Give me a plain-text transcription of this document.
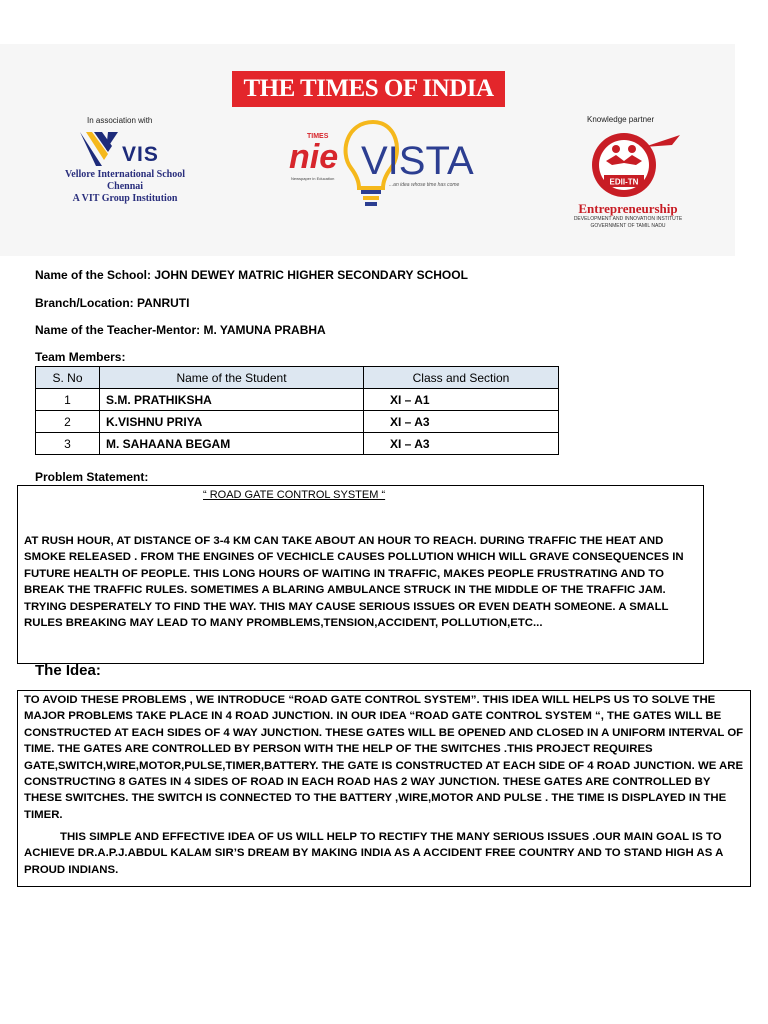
THE TIMES OF INDIA
In association with
VIS
Vellore International School
Chennai
A VIT Group Institution
TIMES
nie
Newspaper in Education VISTA
...an idea whose time has come
Knowledge partner
EDII-TN
Entrepreneurship
DEVELOPMENT AND INNOVATION INSTITUTE
GOVERNMENT OF TAMIL NADU
Name of the School: JOHN DEWEY MATRIC HIGHER SECONDARY SCHOOL
Branch/Location: PANRUTI
Name of the Teacher-Mentor: M. YAMUNA PRABHA
Team Members:
S. No	Name of the Student	Class and Section
1	S.M. PRATHIKSHA	XI – A1
2	K.VISHNU PRIYA	XI – A3
3	M. SAHAANA BEGAM	XI – A3
Problem Statement:
“ ROAD GATE CONTROL SYSTEM “

AT RUSH HOUR, AT DISTANCE OF 3-4 KM CAN TAKE ABOUT AN HOUR TO REACH. DURING TRAFFIC THE HEAT AND SMOKE RELEASED . FROM THE ENGINES OF VECHICLE CAUSES POLLUTION WHICH WILL GRAVE CONSEQUENCES IN FUTURE HEALTH OF PEOPLE. THIS LONG HOURS OF WAITING IN TRAFFIC, MAKES PEOPLE FRUSTRATING AND TO BREAK THE TRAFFIC RULES. SOMETIMES A BLARING AMBULANCE STRUCK IN THE MIDDLE OF THE TRAFFIC JAM. TRYING DESPERATELY TO FIND THE WAY. THIS MAY CAUSE SERIOUS ISSUES OR EVEN DEATH SOMEONE. A SMALL RULES BREAKING MAY LEAD TO MANY PROMBLEMS,TENSION,ACCIDENT, POLLUTION,ETC...

The Idea:

TO AVOID THESE PROBLEMS , WE INTRODUCE “ROAD GATE CONTROL SYSTEM”. THIS IDEA WILL HELPS US TO SOLVE THE MAJOR PROBLEMS TAKE PLACE IN 4 ROAD JUNCTION. IN OUR IDEA “ROAD GATE CONTROL SYSTEM “, THE GATES WILL BE CONSTRUCTED AT EACH SIDES OF 4 WAY JUNCTION. THESE GATES WILL BE OPENED AND CLOSED IN A UNIFORM INTERVAL OF TIME. THE GATES ARE CONTROLLED BY PERSON WITH THE HELP OF THE SWITCHES .THIS PROJECT REQUIRES GATE,SWITCH,WIRE,MOTOR,PULSE,TIMER,BATTERY. THE GATE IS CONSTRUCTED AT EACH SIDE OF 4 ROAD JUNCTION. WE ARE CONSTRUCTING 8 GATES IN 4 SIDES OF ROAD IN EACH ROAD HAS 2 WAY JUNCTION. THESE GATES ARE CONTROLLED BY THESE SWITCHES. THE SWITCH IS CONNECTED TO THE BATTERY ,WIRE,MOTOR AND PULSE . THE TIME IS DISPLAYED IN THE TIMER.

THIS SIMPLE AND EFFECTIVE IDEA OF US WILL HELP TO RECTIFY THE MANY SERIOUS ISSUES .OUR MAIN GOAL IS TO ACHIEVE DR.A.P.J.ABDUL KALAM SIR’S DREAM BY MAKING INDIA AS A ACCIDENT FREE COUNTRY AND TO STAND HIGH AS A PROUD INDIANS.
